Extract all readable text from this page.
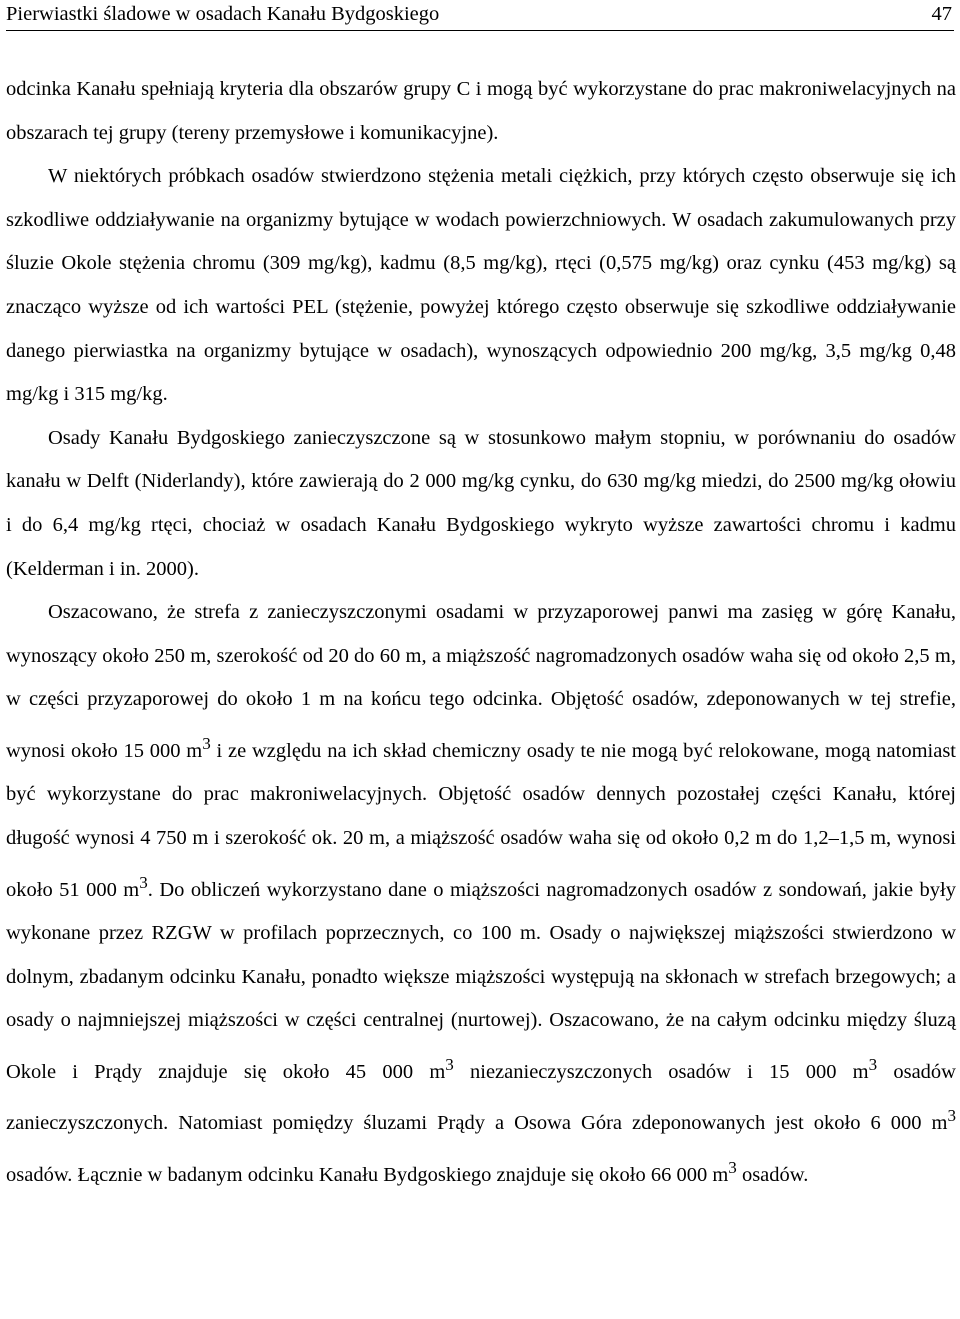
Pierwiastki śladowe w osadach Kanału Bydgoskiego	47

odcinka Kanału spełniają kryteria dla obszarów grupy C i mogą być wykorzystane do prac makroniwelacyjnych na obszarach tej grupy (tereny przemysłowe i komunikacyjne).

W niektórych próbkach osadów stwierdzono stężenia metali ciężkich, przy których często obserwuje się ich szkodliwe oddziaływanie na organizmy bytujące w wodach powierzchniowych. W osadach zakumulowanych przy śluzie Okole stężenia chromu (309 mg/kg), kadmu (8,5 mg/kg), rtęci (0,575 mg/kg) oraz cynku (453 mg/kg) są znacząco wyższe od ich wartości PEL (stężenie, powyżej którego często obserwuje się szkodliwe oddziaływanie danego pierwiastka na organizmy bytujące w osadach), wynoszących odpowiednio 200 mg/kg, 3,5 mg/kg 0,48 mg/kg i 315 mg/kg.

Osady Kanału Bydgoskiego zanieczyszczone są w stosunkowo małym stopniu, w porównaniu do osadów kanału w Delft (Niderlandy), które zawierają do 2 000 mg/kg cynku, do 630 mg/kg miedzi, do 2500 mg/kg ołowiu i do 6,4 mg/kg rtęci, chociaż w osadach Kanału Bydgoskiego wykryto wyższe zawartości chromu i kadmu (Kelderman i in. 2000).

Oszacowano, że strefa z zanieczyszczonymi osadami w przyzaporowej panwi ma zasięg w górę Kanału, wynoszący około 250 m, szerokość od 20 do 60 m, a miąższość nagromadzonych osadów waha się od około 2,5 m, w części przyzaporowej do około 1 m na końcu tego odcinka. Objętość osadów, zdeponowanych w tej strefie, wynosi około 15 000 $m^3$ i ze względu na ich skład chemiczny osady te nie mogą być relokowane, mogą natomiast być wykorzystane do prac makroniwelacyjnych. Objętość osadów dennych pozostałej części Kanału, której długość wynosi 4 750 m i szerokość ok. 20 m, a miąższość osadów waha się od około 0,2 m do 1,2–1,5 m, wynosi około 51 000 $m^3$. Do obliczeń wykorzystano dane o miąższości nagromadzonych osadów z sondowań, jakie były wykonane przez RZGW w profilach poprzecznych, co 100 m. Osady o największej miąższości stwierdzono w dolnym, zbadanym odcinku Kanału, ponadto większe miąższości występują na skłonach w strefach brzegowych; a osady o najmniejszej miąższości w części centralnej (nurtowej). Oszacowano, że na całym odcinku między śluzą Okole i Prądy znajduje się około 45 000 $m^3$ niezanieczyszczonych osadów i 15 000 $m^3$ osadów zanieczyszczonych. Natomiast pomiędzy śluzami Prądy a Osowa Góra zdeponowanych jest około 6 000 $m^3$ osadów. Łącznie w badanym odcinku Kanału Bydgoskiego znajduje się około 66 000 $m^3$ osadów.
